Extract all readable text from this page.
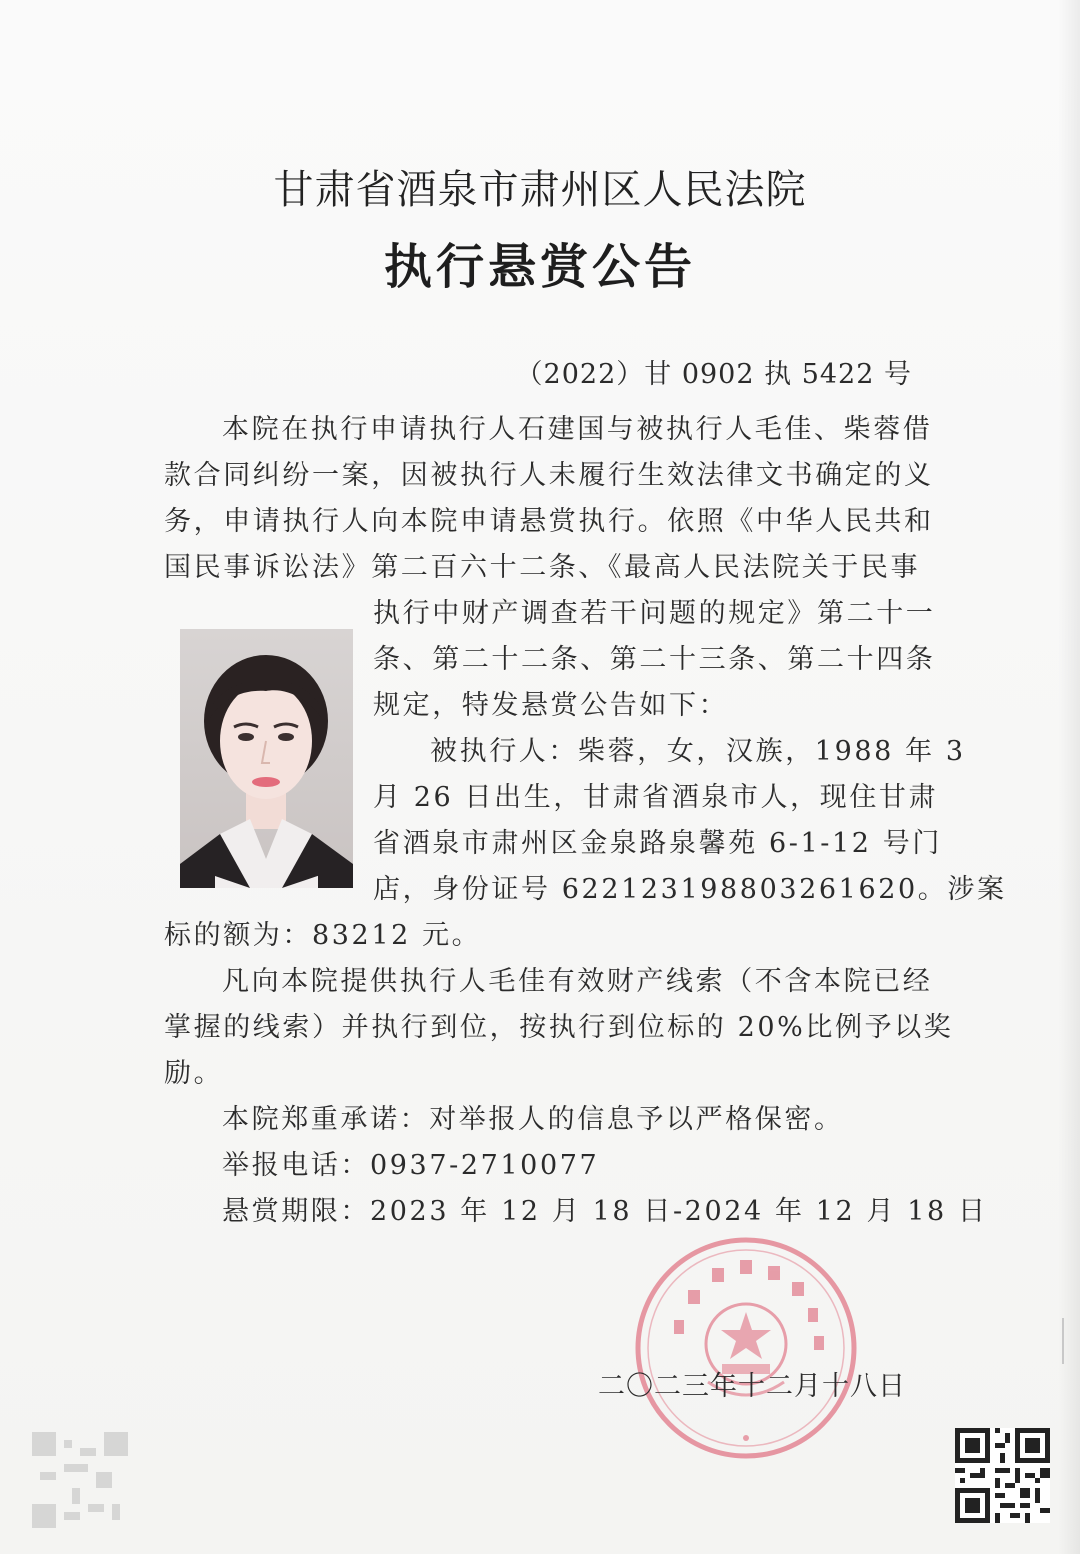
甘肃省酒泉市肃州区人民法院
执行悬赏公告
（2022）甘 0902 执 5422 号
本院在执行申请执行人石建国与被执行人毛佳、柴蓉借
款合同纠纷一案，因被执行人未履行生效法律文书确定的义
务，申请执行人向本院申请悬赏执行。依照《中华人民共和
国民事诉讼法》第二百六十二条、《最高人民法院关于民事
执行中财产调查若干问题的规定》第二十一
条、第二十二条、第二十三条、第二十四条
规定，特发悬赏公告如下：
被执行人：柴蓉，女，汉族，1988 年 3
月 26 日出生，甘肃省酒泉市人，现住甘肃
省酒泉市肃州区金泉路泉馨苑 6-1-12 号门
店，身份证号 622123198803261620。涉案
标的额为：83212 元。
凡向本院提供执行人毛佳有效财产线索（不含本院已经
掌握的线索）并执行到位，按执行到位标的 20%比例予以奖
励。
本院郑重承诺：对举报人的信息予以严格保密。
举报电话：0937-2710077
悬赏期限：2023 年 12 月 18 日-2024 年 12 月 18 日
二〇二三年十二月十八日
